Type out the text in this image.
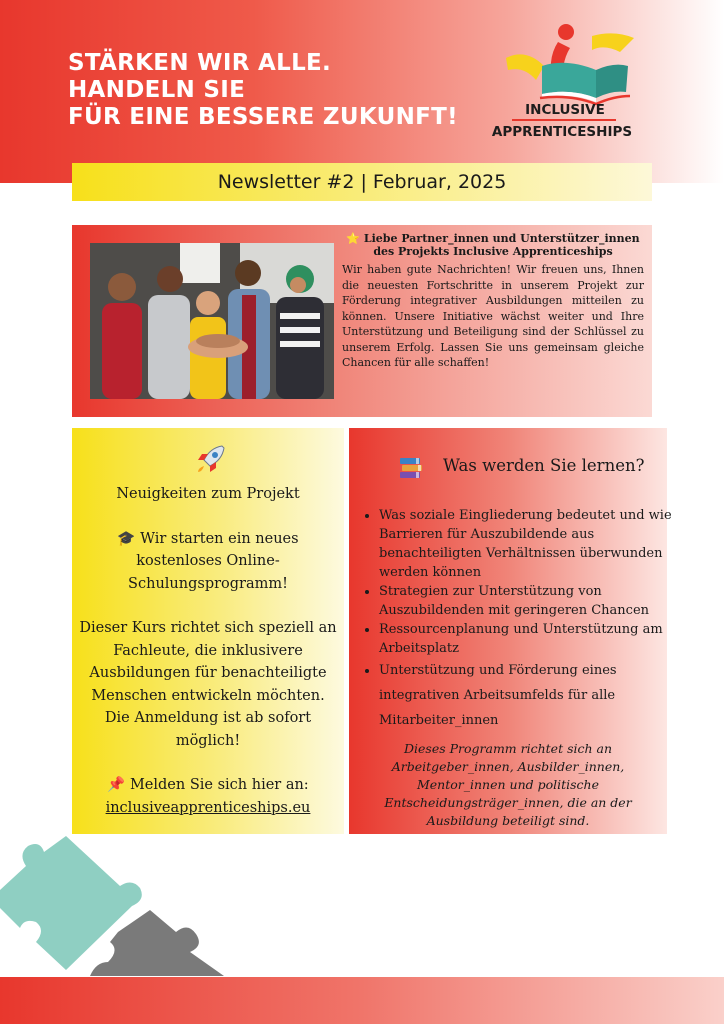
STÄRKEN WIR ALLE.
HANDELN SIE
FÜR EINE BESSERE ZUKUNFT!	INCLUSIVE
APPRENTICESHIPS
Newsletter #2 | Februar, 2025
⭐ Liebe Partner_innen und Unterstützer_innen des Projekts Inclusive Apprenticeships
Wir haben gute Nachrichten! Wir freuen uns, Ihnen die neuesten Fortschritte in unserem Projekt zur Förderung integrativer Ausbildungen mitteilen zu können. Unsere Initiative wächst weiter und Ihre Unterstützung und Beteiligung sind der Schlüssel zu unserem Erfolg. Lassen Sie uns gemeinsam gleiche Chancen für alle schaffen!

Neuigkeiten zum Projekt

🎓 Wir starten ein neues kostenloses Online-Schulungsprogramm!

Dieser Kurs richtet sich speziell an Fachleute, die inklusivere Ausbildungen für benachteiligte Menschen entwickeln möchten. Die Anmeldung ist ab sofort möglich!

📌 Melden Sie sich hier an:
inclusiveapprenticeships.eu

Was werden Sie lernen?
• Was soziale Eingliederung bedeutet und wie Barrieren für Auszubildende aus benachteiligten Verhältnissen überwunden werden können
• Strategien zur Unterstützung von Auszubildenden mit geringeren Chancen
• Ressourcenplanung und Unterstützung am Arbeitsplatz
• Unterstützung und Förderung eines integrativen Arbeitsumfelds für alle Mitarbeiter_innen
Dieses Programm richtet sich an Arbeitgeber_innen, Ausbilder_innen, Mentor_innen und politische Entscheidungsträger_innen, die an der Ausbildung beteiligt sind.
